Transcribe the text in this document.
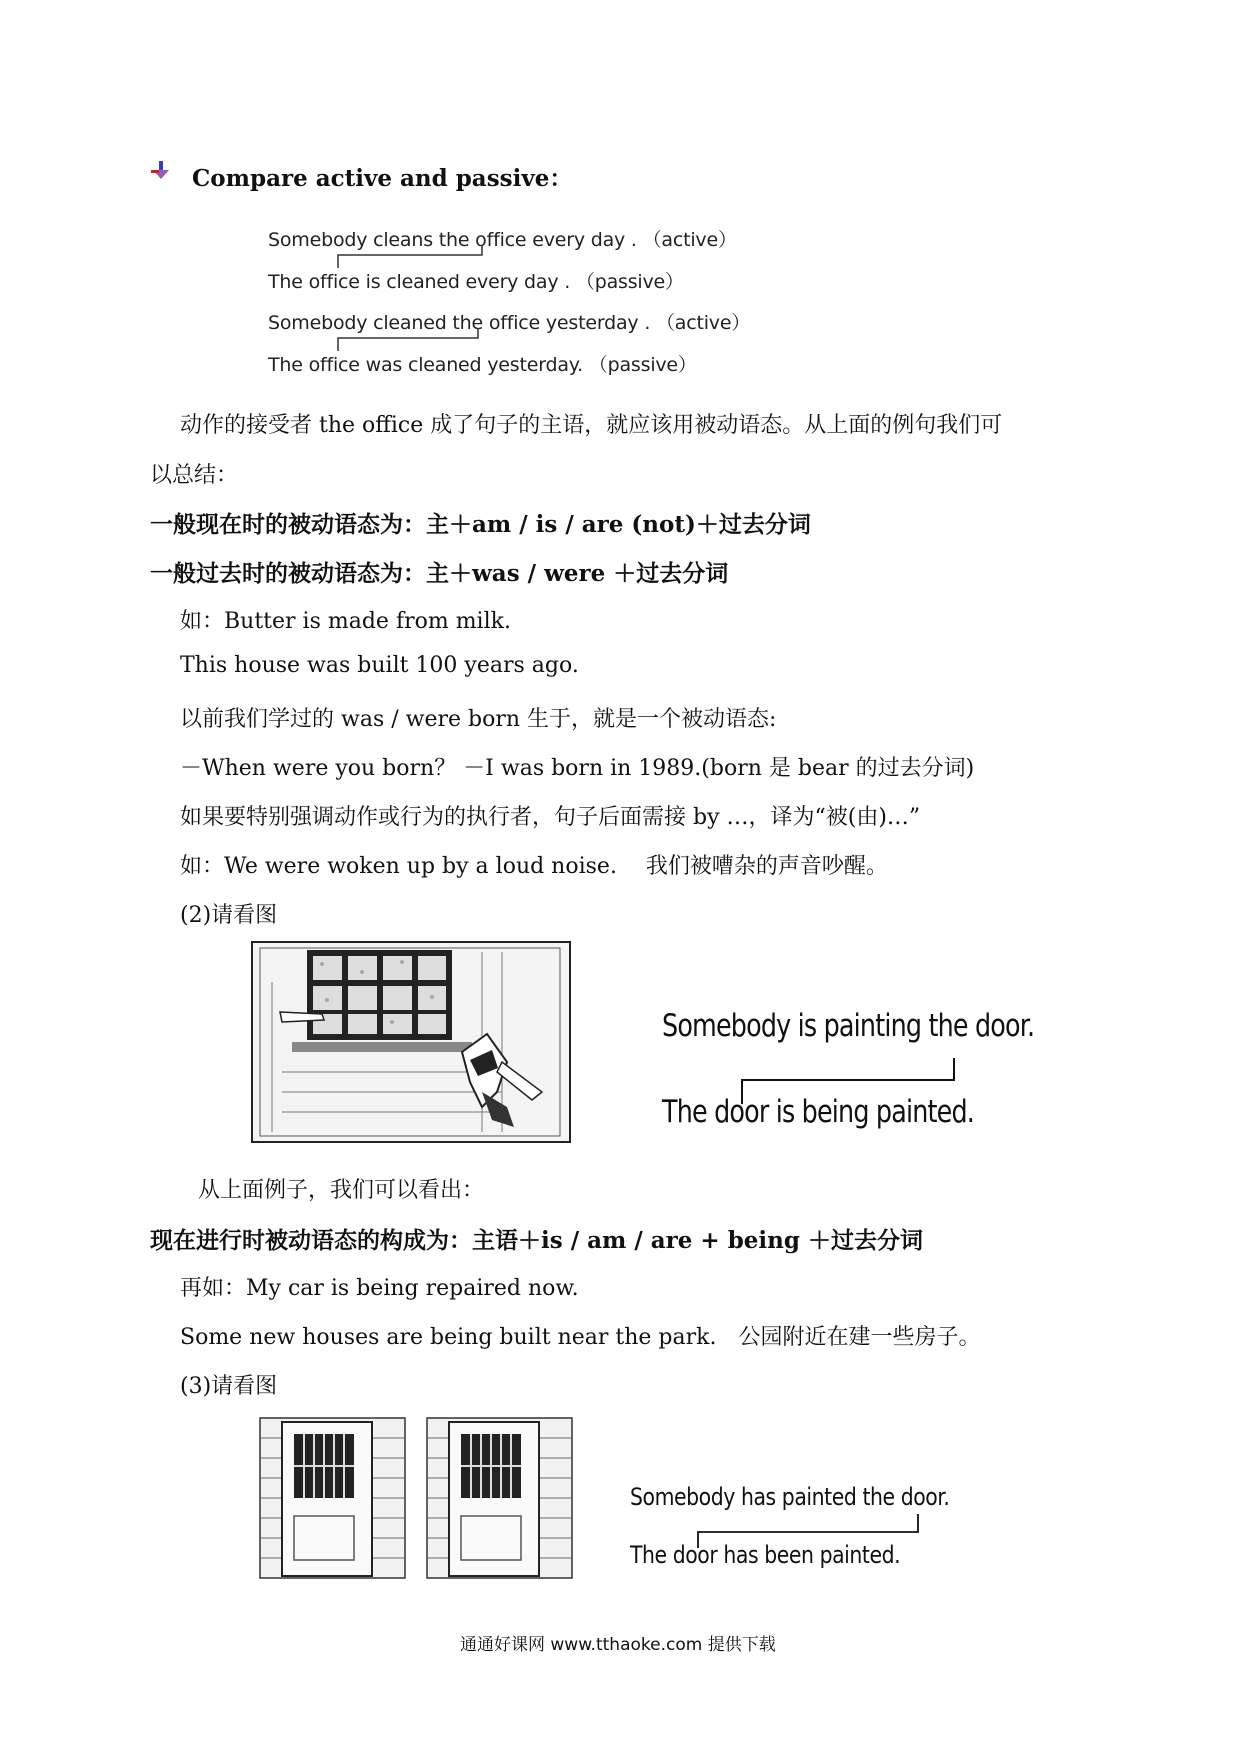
Compare active and passive：
Somebody cleans the office every day . （active）
The office is cleaned every day . （passive）
Somebody cleaned the office yesterday . （active）
The office was cleaned yesterday. （passive）
动作的接受者 the office 成了句子的主语，就应该用被动语态。从上面的例句我们可
以总结：
一般现在时的被动语态为：主＋am / is / are (not)＋过去分词
一般过去时的被动语态为：主＋was / were ＋过去分词
如：Butter is made from milk.
This house was built 100 years ago.
以前我们学过的 was / were born 生于，就是一个被动语态:
－When were you born？ －I was born in 1989.(born 是 bear 的过去分词)
如果要特别强调动作或行为的执行者，句子后面需接 by …，译为“被(由)…”
如：We were woken up by a loud noise.　 我们被嘈杂的声音吵醒。
(2)请看图
Somebody is painting the door.
The door is being painted.
从上面例子，我们可以看出：
现在进行时被动语态的构成为：主语＋is / am / are + being ＋过去分词
再如：My car is being repaired now.
Some new houses are being built near the park.　公园附近在建一些房子。
(3)请看图
Somebody has painted the door.
The door has been painted.
通通好课网 www.tthaoke.com 提供下载
